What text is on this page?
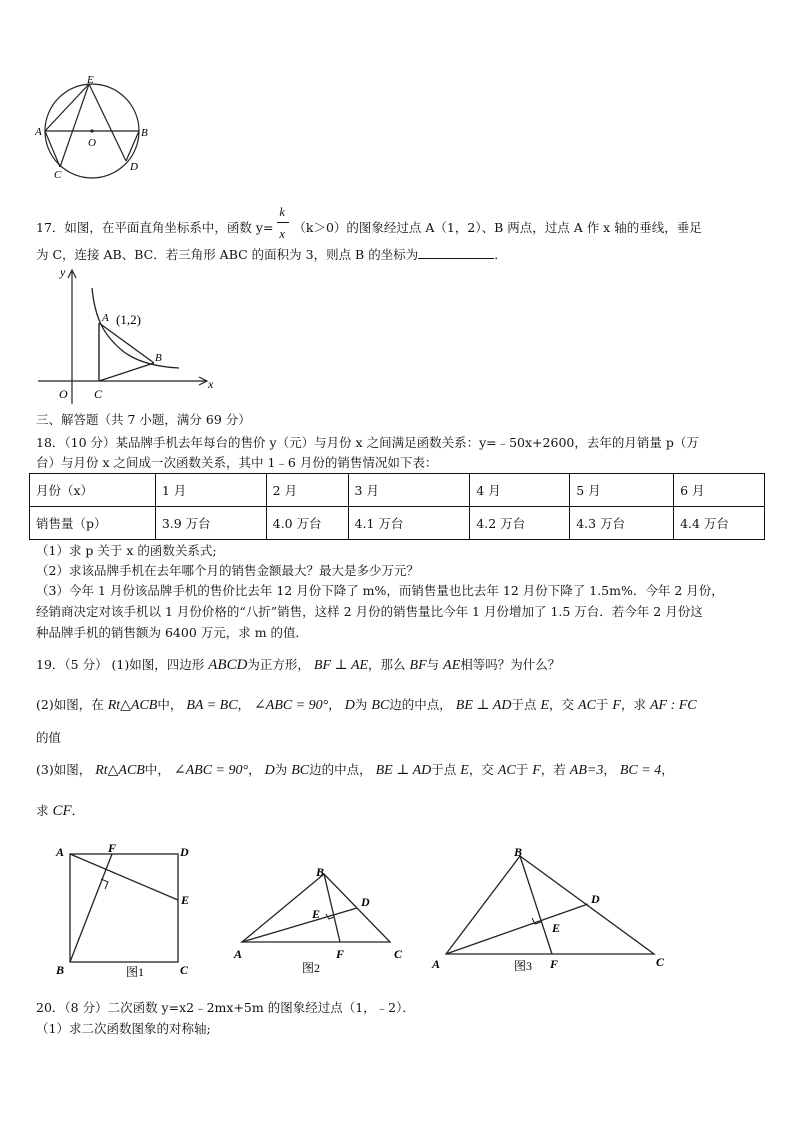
E
A
O
B
C
D
17．如图，在平面直角坐标系中，函数 y=
$\frac{k}{x}$
（k＞0）的图象经过点 A（1，2）、B 两点，过点 A 作 x 轴的垂线，垂足
为 C，连接 AB、BC．若三角形 ABC 的面积为 3，则点 B 的坐标为	．
y
x
O
A (1,2)
B
C
三、解答题（共 7 小题，满分 69 分）
18．（10 分）某品牌手机去年每台的售价 y（元）与月份 x 之间满足函数关系：y=﹣50x+2600，去年的月销量 p（万
台）与月份 x 之间成一次函数关系，其中 1﹣6 月份的销售情况如下表：
月份（x）	1 月	2 月	3 月	4 月	5 月	6 月
销售量（p）	3.9 万台	4.0 万台	4.1 万台	4.2 万台	4.3 万台	4.4 万台
（1）求 p 关于 x 的函数关系式;
（2）求该品牌手机在去年哪个月的销售金额最大？最大是多少万元？
（3）今年 1 月份该品牌手机的售价比去年 12 月份下降了 m%，而销售量也比去年 12 月份下降了 1.5m%．今年 2 月份，
经销商决定对该手机以 1 月份价格的“八折”销售，这样 2 月份的销售量比今年 1 月份增加了 1.5 万台．若今年 2 月份这
种品牌手机的销售额为 6400 万元，求 m 的值．
19．（5 分） (1)如图，四边形 ABCD为正方形， BF ⊥ AE，那么 BF与 AE相等吗？为什么？
(2)如图，在 Rt△ACB中， BA = BC， ∠ABC = 90°， D为 BC边的中点， BE ⊥ AD于点 E，交 AC于 F，求 AF : FC
的值
(3)如图， Rt△ACB中， ∠ABC = 90°， D为 BC边的中点， BE ⊥ AD于点 E，交 AC于 F，若 AB=3， BC = 4，
求 CF．
A	F	D
E
B	C
图1
B
D
E
A	F	C
图2
B
D
E
A	F	C
图3
20．（8 分）二次函数 y=x2﹣2mx+5m 的图象经过点（1，﹣2）．
（1）求二次函数图象的对称轴;
